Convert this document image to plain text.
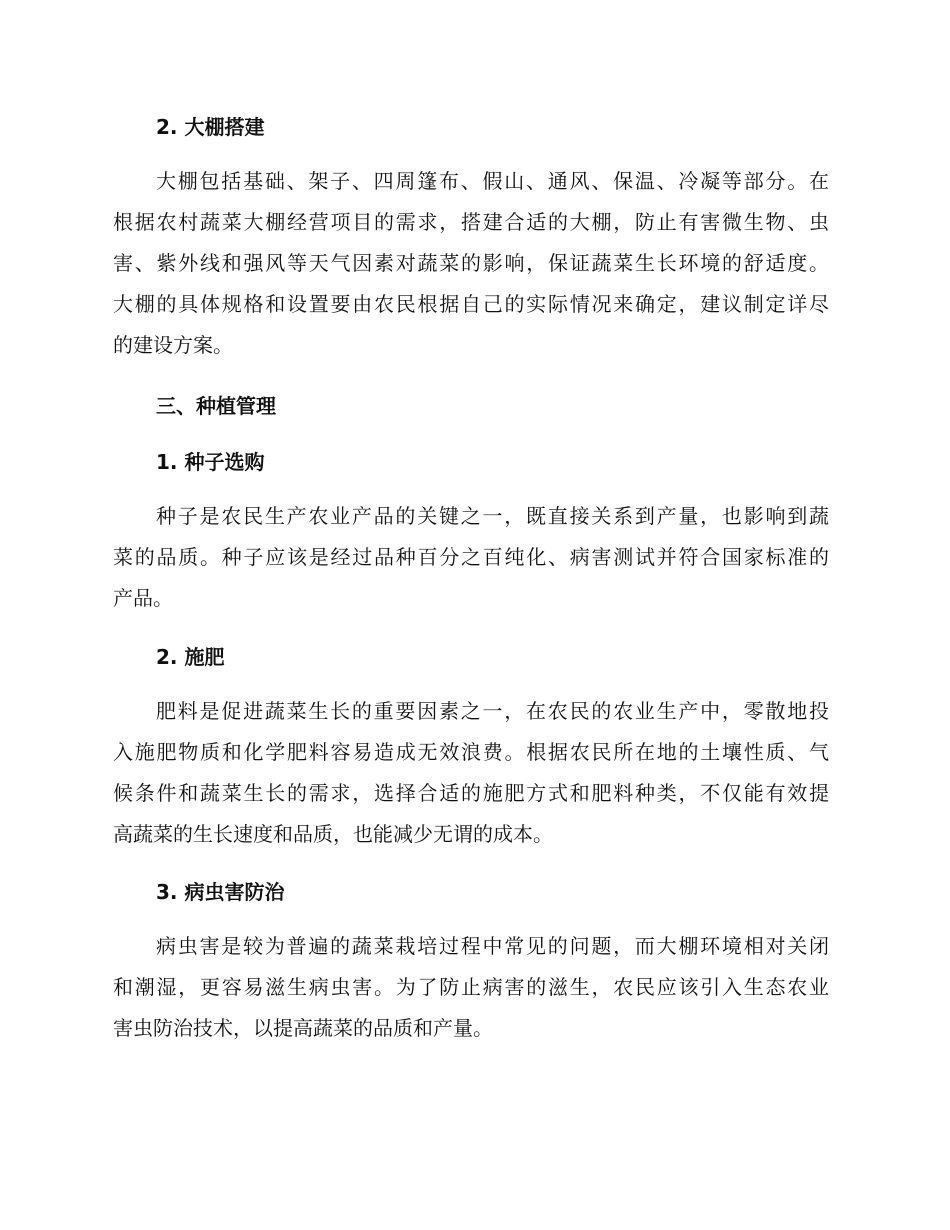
2. 大棚搭建
大棚包括基础、架子、四周篷布、假山、通风、保温、冷凝等部分。在
根据农村蔬菜大棚经营项目的需求，搭建合适的大棚，防止有害微生物、虫
害、紫外线和强风等天气因素对蔬菜的影响，保证蔬菜生长环境的舒适度。
大棚的具体规格和设置要由农民根据自己的实际情况来确定，建议制定详尽
的建设方案。
三、种植管理
1. 种子选购
种子是农民生产农业产品的关键之一，既直接关系到产量，也影响到蔬
菜的品质。种子应该是经过品种百分之百纯化、病害测试并符合国家标准的
产品。
2. 施肥
肥料是促进蔬菜生长的重要因素之一，在农民的农业生产中，零散地投
入施肥物质和化学肥料容易造成无效浪费。根据农民所在地的土壤性质、气
候条件和蔬菜生长的需求，选择合适的施肥方式和肥料种类，不仅能有效提
高蔬菜的生长速度和品质，也能减少无谓的成本。
3. 病虫害防治
病虫害是较为普遍的蔬菜栽培过程中常见的问题，而大棚环境相对关闭
和潮湿，更容易滋生病虫害。为了防止病害的滋生，农民应该引入生态农业
害虫防治技术，以提高蔬菜的品质和产量。
